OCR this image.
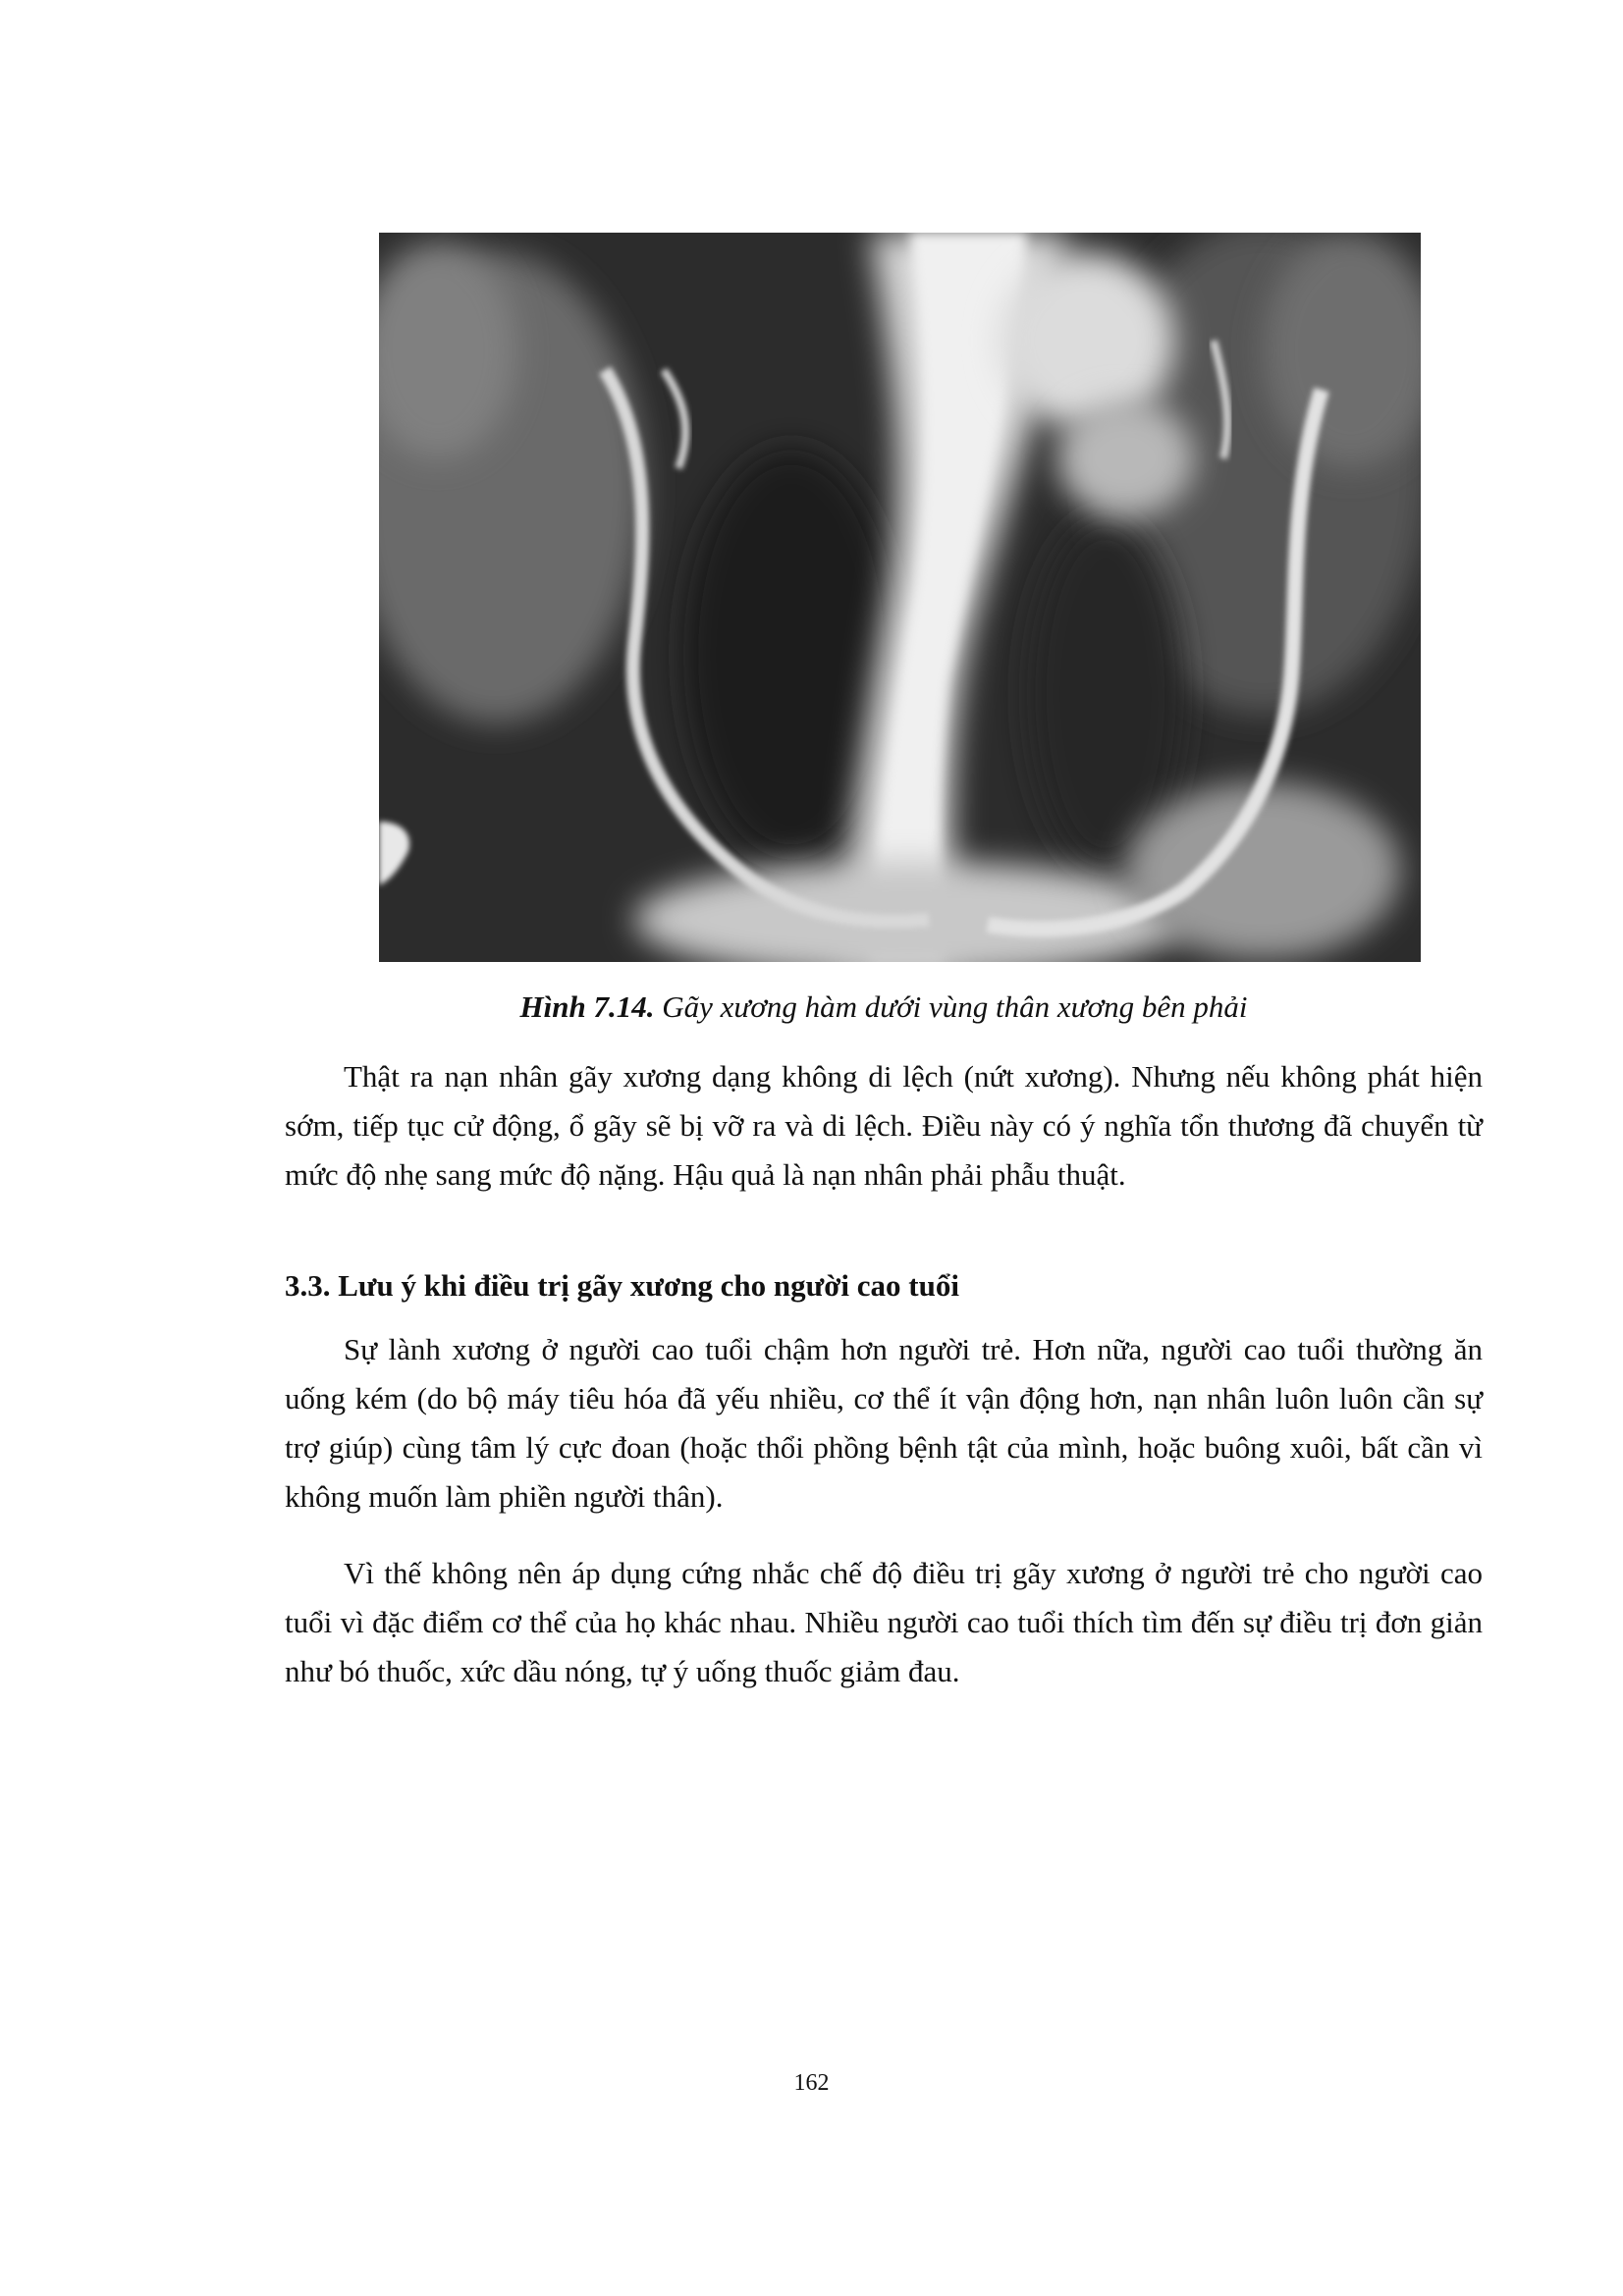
Hình 7.14. Gãy xương hàm dưới vùng thân xương bên phải

Thật ra nạn nhân gãy xương dạng không di lệch (nứt xương). Nhưng nếu không phát hiện sớm, tiếp tục cử động, ổ gãy sẽ bị vỡ ra và di lệch. Điều này có ý nghĩa tổn thương đã chuyển từ mức độ nhẹ sang mức độ nặng. Hậu quả là nạn nhân phải phẫu thuật.

3.3. Lưu ý khi điều trị gãy xương cho người cao tuổi

Sự lành xương ở người cao tuổi chậm hơn người trẻ. Hơn nữa, người cao tuổi thường ăn uống kém (do bộ máy tiêu hóa đã yếu nhiều, cơ thể ít vận động hơn, nạn nhân luôn luôn cần sự trợ giúp) cùng tâm lý cực đoan (hoặc thổi phồng bệnh tật của mình, hoặc buông xuôi, bất cần vì không muốn làm phiền người thân).

Vì thế không nên áp dụng cứng nhắc chế độ điều trị gãy xương ở người trẻ cho người cao tuổi vì đặc điểm cơ thể của họ khác nhau. Nhiều người cao tuổi thích tìm đến sự điều trị đơn giản như bó thuốc, xức dầu nóng, tự ý uống thuốc giảm đau.

162
